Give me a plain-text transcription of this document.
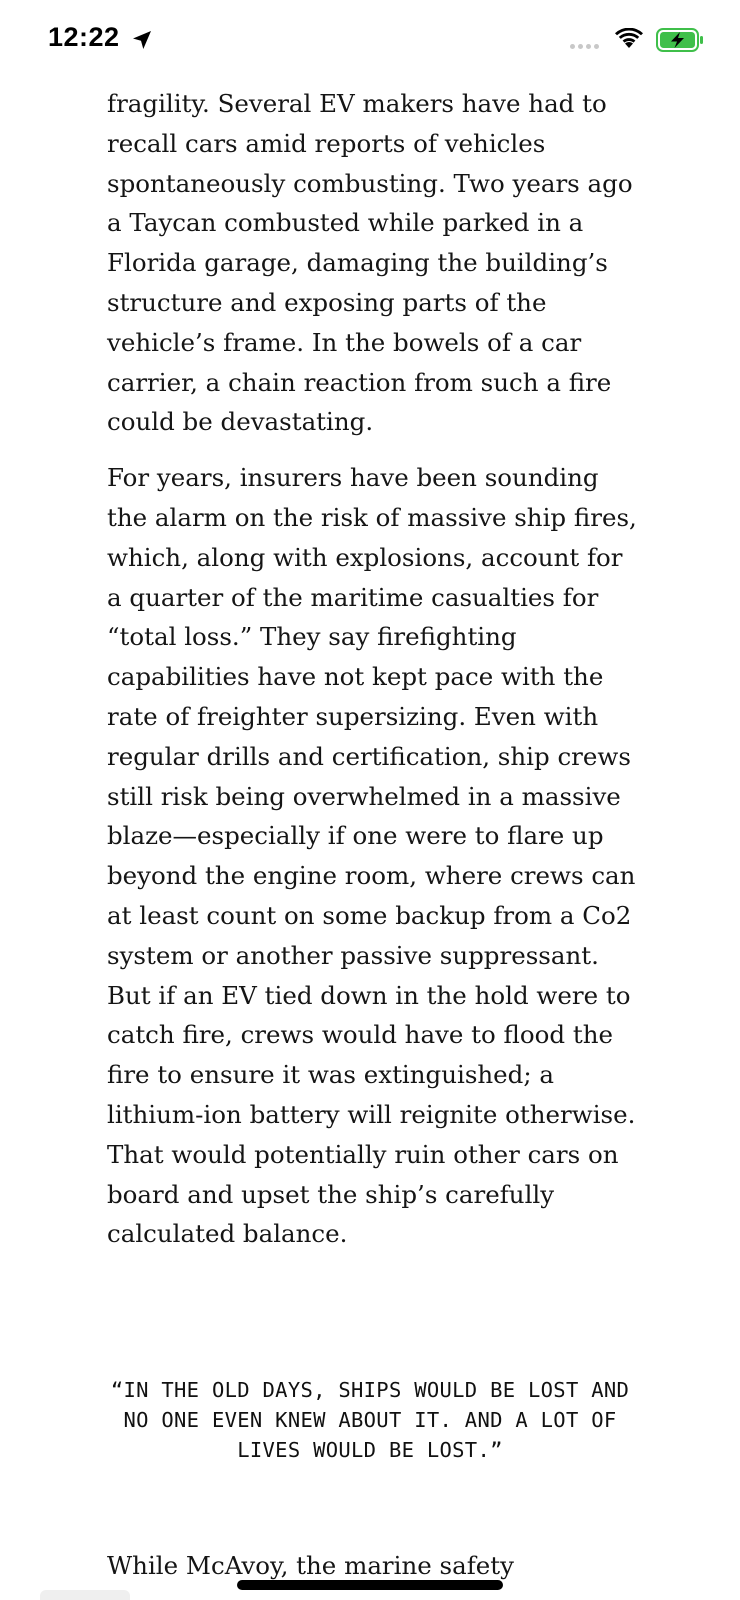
12:22

fragility. Several EV makers have had to recall cars amid reports of vehicles spontaneously combusting. Two years ago a Taycan combusted while parked in a Florida garage, damaging the building’s structure and exposing parts of the vehicle’s frame. In the bowels of a car carrier, a chain reaction from such a fire could be devastating.

For years, insurers have been sounding the alarm on the risk of massive ship fires, which, along with explosions, account for a quarter of the maritime casualties for “total loss.” They say firefighting capabilities have not kept pace with the rate of freighter supersizing. Even with regular drills and certification, ship crews still risk being overwhelmed in a massive blaze—especially if one were to flare up beyond the engine room, where crews can at least count on some backup from a Co2 system or another passive suppressant. But if an EV tied down in the hold were to catch fire, crews would have to flood the fire to ensure it was extinguished; a lithium-ion battery will reignite otherwise. That would potentially ruin other cars on board and upset the ship’s carefully calculated balance.

“IN THE OLD DAYS, SHIPS WOULD BE LOST AND NO ONE EVEN KNEW ABOUT IT. AND A LOT OF LIVES WOULD BE LOST.”
While McAvoy, the marine safety
